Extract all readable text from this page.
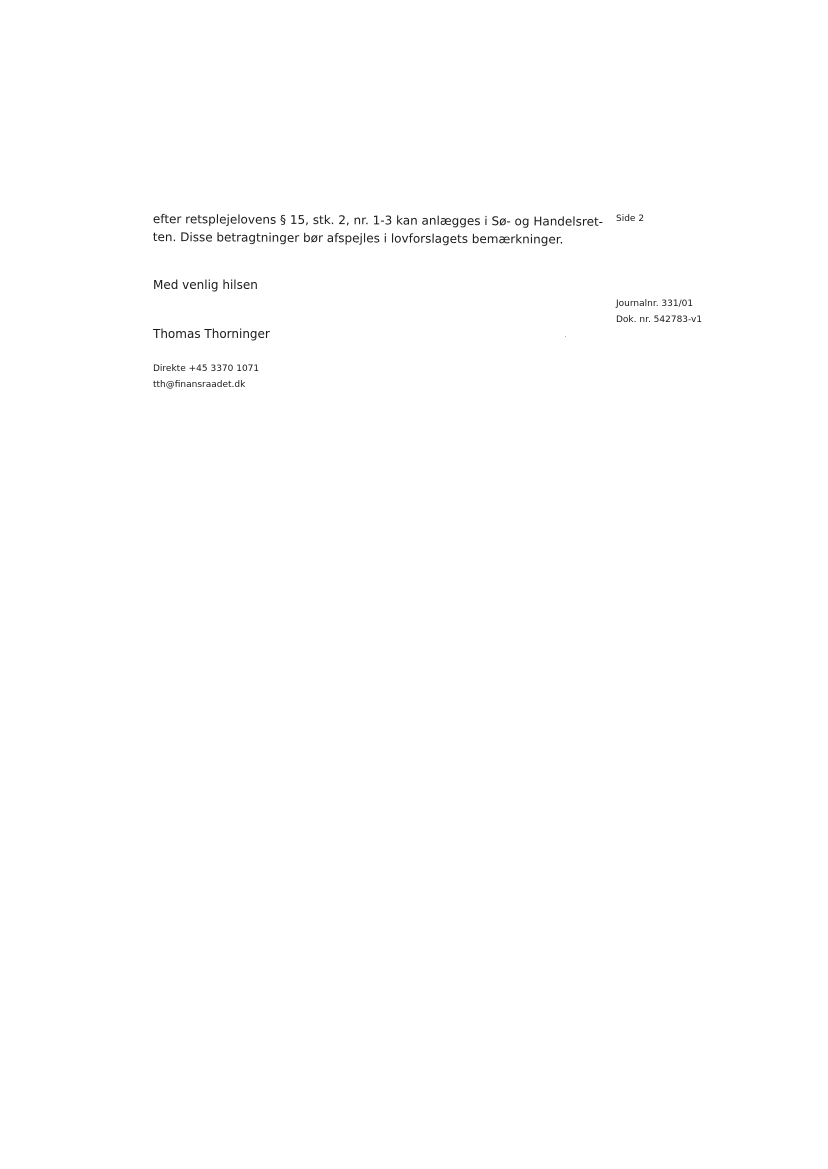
efter retsplejelovens § 15, stk. 2, nr. 1-3 kan anlægges i Sø- og Handelsret-
ten. Disse betragtninger bør afspejles i lovforslagets bemærkninger.
Med venlig hilsen
Thomas Thorninger
Direkte +45 3370 1071
tth@finansraadet.dk
Side 2
Journalnr. 331/01
Dok. nr. 542783-v1
